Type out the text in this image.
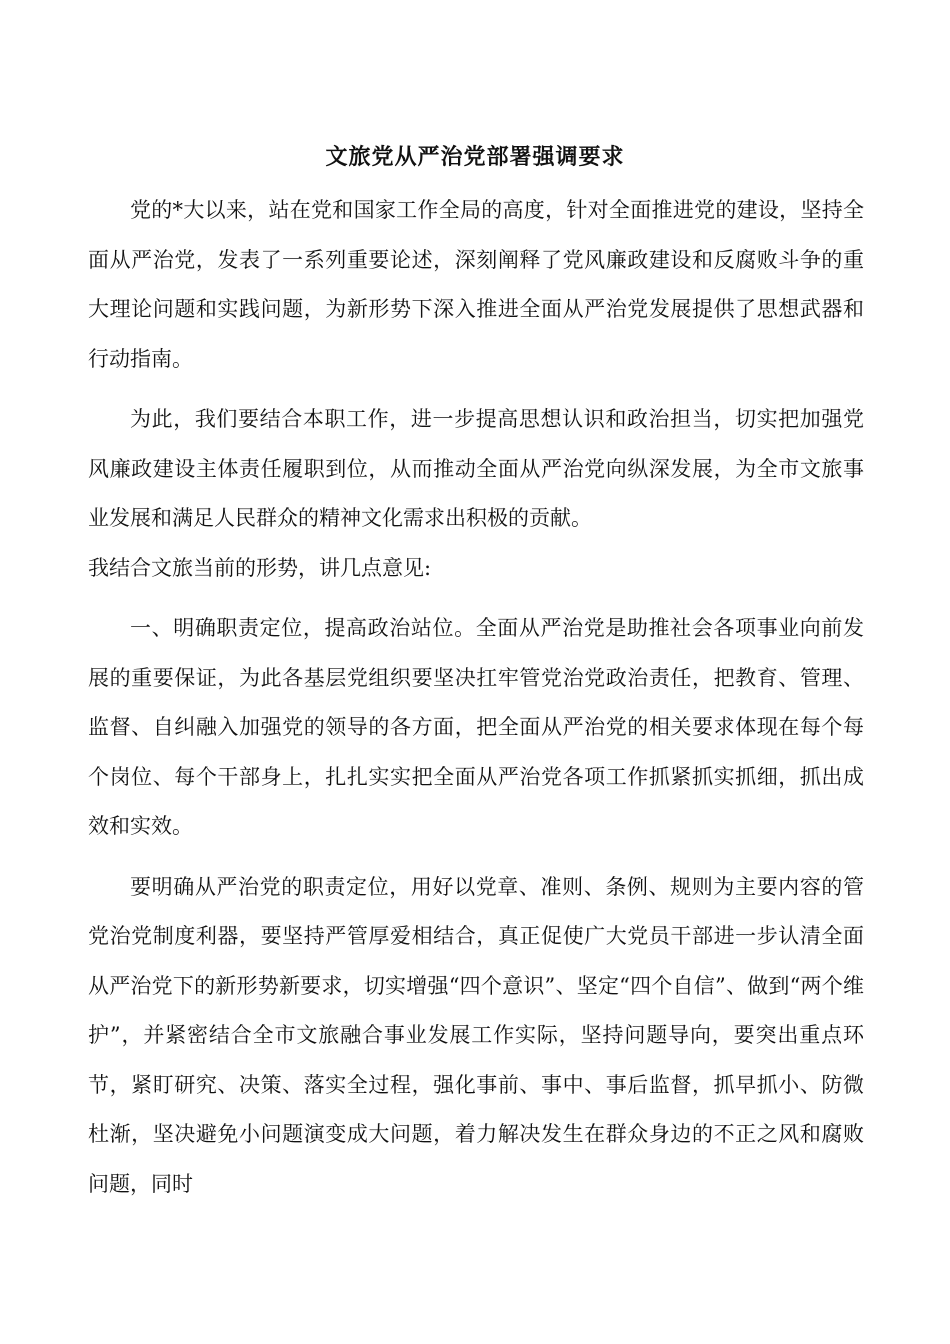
文旅党从严治党部署强调要求

党的*大以来，站在党和国家工作全局的高度，针对全面推进党的建设，坚持全面从严治党，发表了一系列重要论述，深刻阐释了党风廉政建设和反腐败斗争的重大理论问题和实践问题，为新形势下深入推进全面从严治党发展提供了思想武器和行动指南。

为此，我们要结合本职工作，进一步提高思想认识和政治担当，切实把加强党风廉政建设主体责任履职到位，从而推动全面从严治党向纵深发展，为全市文旅事业发展和满足人民群众的精神文化需求出积极的贡献。

我结合文旅当前的形势，讲几点意见:

一、明确职责定位，提高政治站位。全面从严治党是助推社会各项事业向前发展的重要保证，为此各基层党组织要坚决扛牢管党治党政治责任，把教育、管理、监督、自纠融入加强党的领导的各方面，把全面从严治党的相关要求体现在每个每个岗位、每个干部身上，扎扎实实把全面从严治党各项工作抓紧抓实抓细，抓出成效和实效。

要明确从严治党的职责定位，用好以党章、准则、条例、规则为主要内容的管党治党制度利器，要坚持严管厚爱相结合，真正促使广大党员干部进一步认清全面从严治党下的新形势新要求，切实增强“四个意识”、坚定“四个自信”、做到“两个维护”，并紧密结合全市文旅融合事业发展工作实际，坚持问题导向，要突出重点环节，紧盯研究、决策、落实全过程，强化事前、事中、事后监督，抓早抓小、防微杜渐，坚决避免小问题演变成大问题，着力解决发生在群众身边的不正之风和腐败问题，同时
